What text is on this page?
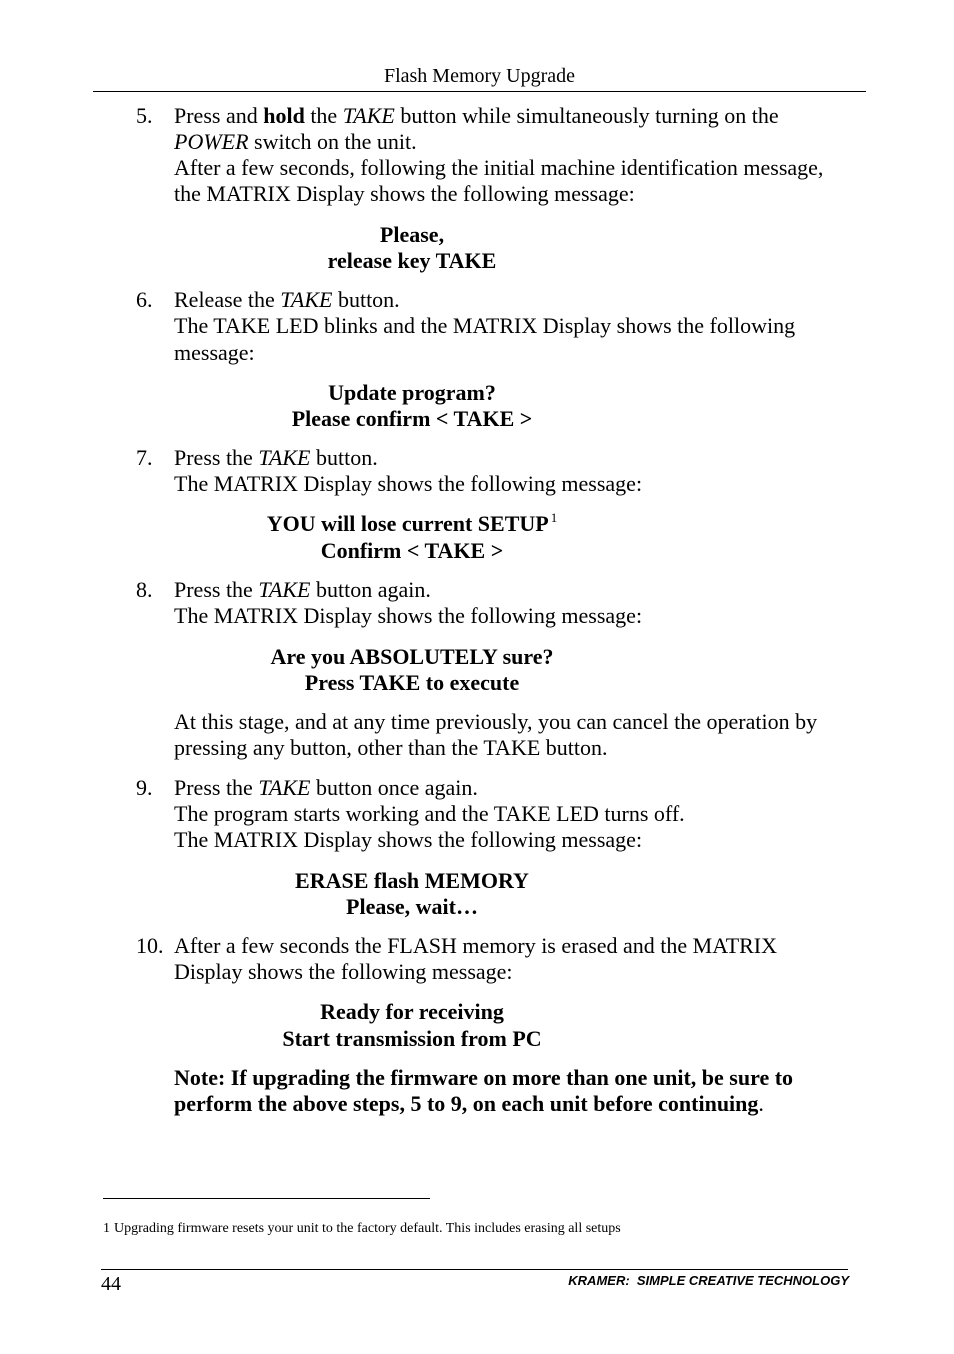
Flash Memory Upgrade
5. Press and hold the TAKE button while simultaneously turning on the
POWER switch on the unit.
After a few seconds, following the initial machine identification message,
the MATRIX Display shows the following message:
Please,
release key TAKE
6. Release the TAKE button.
The TAKE LED blinks and the MATRIX Display shows the following
message:
Update program?
Please confirm < TAKE >
7. Press the TAKE button.
The MATRIX Display shows the following message:
YOU will lose current SETUP $^1$
Confirm < TAKE >
8. Press the TAKE button again.
The MATRIX Display shows the following message:
Are you ABSOLUTELY sure?
Press TAKE to execute
At this stage, and at any time previously, you can cancel the operation by
pressing any button, other than the TAKE button.
9. Press the TAKE button once again.
The program starts working and the TAKE LED turns off.
The MATRIX Display shows the following message:
ERASE flash MEMORY
Please, wait…
10. After a few seconds the FLASH memory is erased and the MATRIX
Display shows the following message:
Ready for receiving
Start transmission from PC
Note: If upgrading the firmware on more than one unit, be sure to
perform the above steps, 5 to 9, on each unit before continuing.
1 Upgrading firmware resets your unit to the factory default. This includes erasing all setups
44	KRAMER:  SIMPLE CREATIVE TECHNOLOGY
